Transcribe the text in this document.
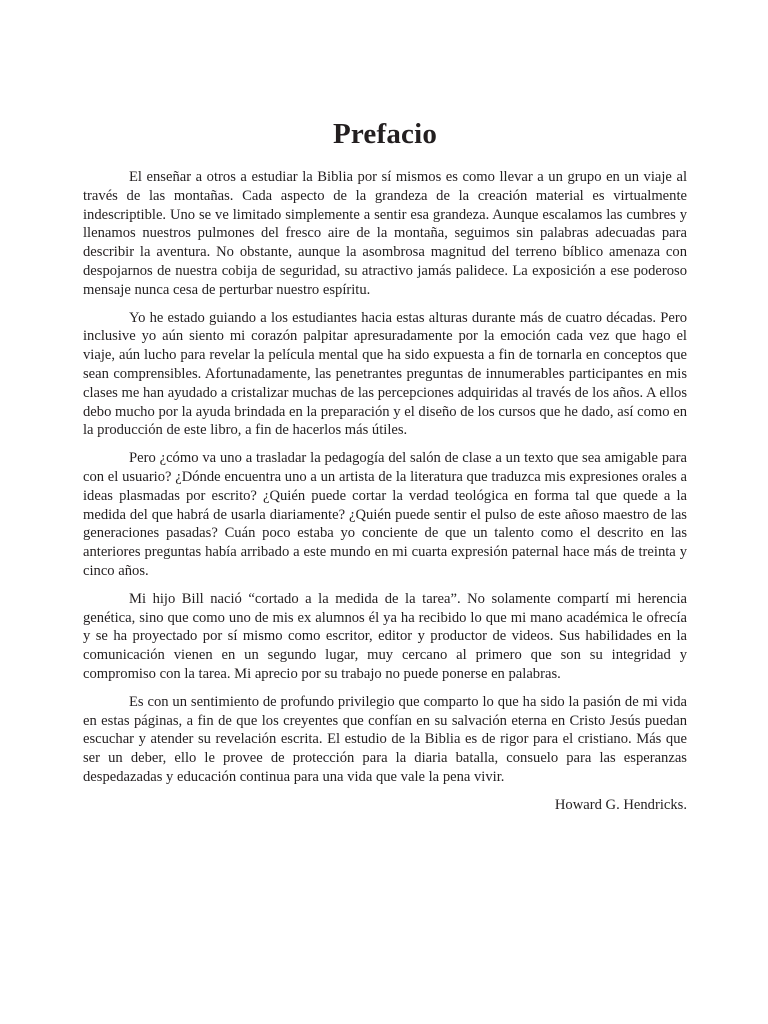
Prefacio

El enseñar a otros a estudiar la Biblia por sí mismos es como llevar a un grupo en un viaje al través de las montañas. Cada aspecto de la grandeza de la creación material es virtualmente indescriptible. Uno se ve limitado simplemente a sentir esa grandeza. Aunque escalamos las cumbres y llenamos nuestros pulmones del fresco aire de la montaña, seguimos sin palabras adecuadas para describir la aventura. No obstante, aunque la asombrosa magnitud del terreno bíblico amenaza con despojarnos de nuestra cobija de seguridad, su atractivo jamás palidece. La exposición a ese poderoso mensaje nunca cesa de perturbar nuestro espíritu.

Yo he estado guiando a los estudiantes hacia estas alturas durante más de cuatro décadas. Pero inclusive yo aún siento mi corazón palpitar apresuradamente por la emoción cada vez que hago el viaje, aún lucho para revelar la película mental que ha sido expuesta a fin de tornarla en conceptos que sean comprensibles. Afortunadamente, las penetrantes preguntas de innumerables participantes en mis clases me han ayudado a cristalizar muchas de las percepciones adquiridas al través de los años. A ellos debo mucho por la ayuda brindada en la preparación y el diseño de los cursos que he dado, así como en la producción de este libro, a fin de hacerlos más útiles.

Pero ¿cómo va uno a trasladar la pedagogía del salón de clase a un texto que sea amigable para con el usuario? ¿Dónde encuentra uno a un artista de la literatura que traduzca mis expresiones orales a ideas plasmadas por escrito? ¿Quién puede cortar la verdad teológica en forma tal que quede a la medida del que habrá de usarla diariamente? ¿Quién puede sentir el pulso de este añoso maestro de las generaciones pasadas? Cuán poco estaba yo conciente de que un talento como el descrito en las anteriores preguntas había arribado a este mundo en mi cuarta expresión paternal hace más de treinta y cinco años.

Mi hijo Bill nació “cortado a la medida de la tarea”. No solamente compartí mi herencia genética, sino que como uno de mis ex alumnos él ya ha recibido lo que mi mano académica le ofrecía y se ha proyectado por sí mismo como escritor, editor y productor de videos. Sus habilidades en la comunicación vienen en un segundo lugar, muy cercano al primero que son su integridad y compromiso con la tarea. Mi aprecio por su trabajo no puede ponerse en palabras.

Es con un sentimiento de profundo privilegio que comparto lo que ha sido la pasión de mi vida en estas páginas, a fin de que los creyentes que confían en su salvación eterna en Cristo Jesús puedan escuchar y atender su revelación escrita. El estudio de la Biblia es de rigor para el cristiano. Más que ser un deber, ello le provee de protección para la diaria batalla, consuelo para las esperanzas despedazadas y educación continua para una vida que vale la pena vivir.

Howard G. Hendricks.
